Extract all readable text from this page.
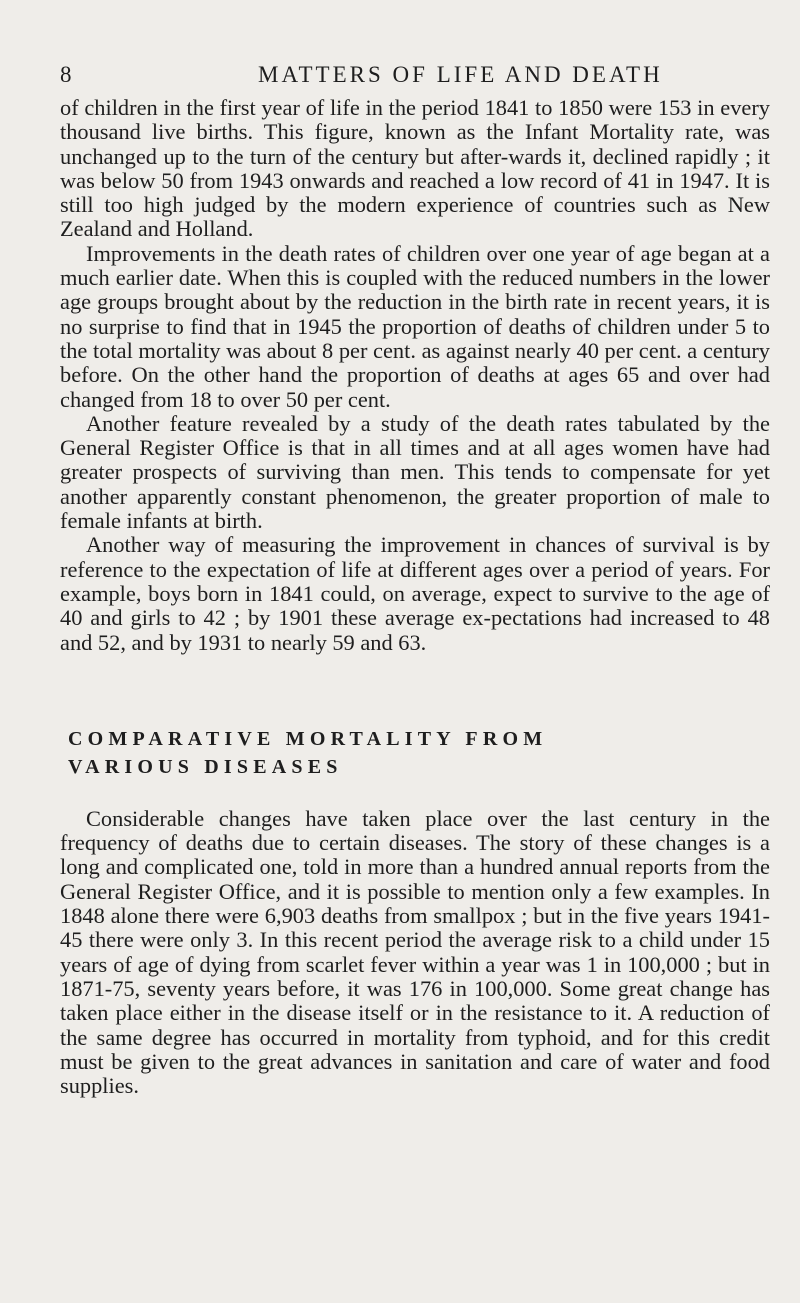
8	MATTERS OF LIFE AND DEATH

of children in the first year of life in the period 1841 to 1850 were 153 in every thousand live births. This figure, known as the Infant Mortality rate, was unchanged up to the turn of the century but after-wards it, declined rapidly ; it was below 50 from 1943 onwards and reached a low record of 41 in 1947. It is still too high judged by the modern experience of countries such as New Zealand and Holland.

Improvements in the death rates of children over one year of age began at a much earlier date. When this is coupled with the reduced numbers in the lower age groups brought about by the reduction in the birth rate in recent years, it is no surprise to find that in 1945 the proportion of deaths of children under 5 to the total mortality was about 8 per cent. as against nearly 40 per cent. a century before. On the other hand the proportion of deaths at ages 65 and over had changed from 18 to over 50 per cent.

Another feature revealed by a study of the death rates tabulated by the General Register Office is that in all times and at all ages women have had greater prospects of surviving than men. This tends to compensate for yet another apparently constant phenomenon, the greater proportion of male to female infants at birth.

Another way of measuring the improvement in chances of survival is by reference to the expectation of life at different ages over a period of years. For example, boys born in 1841 could, on average, expect to survive to the age of 40 and girls to 42 ; by 1901 these average ex-pectations had increased to 48 and 52, and by 1931 to nearly 59 and 63.

COMPARATIVE MORTALITY FROM
VARIOUS DISEASES

Considerable changes have taken place over the last century in the frequency of deaths due to certain diseases. The story of these changes is a long and complicated one, told in more than a hundred annual reports from the General Register Office, and it is possible to mention only a few examples. In 1848 alone there were 6,903 deaths from smallpox ; but in the five years 1941-45 there were only 3. In this recent period the average risk to a child under 15 years of age of dying from scarlet fever within a year was 1 in 100,000 ; but in 1871-75, seventy years before, it was 176 in 100,000. Some great change has taken place either in the disease itself or in the resistance to it. A reduction of the same degree has occurred in mortality from typhoid, and for this credit must be given to the great advances in sanitation and care of water and food supplies.
